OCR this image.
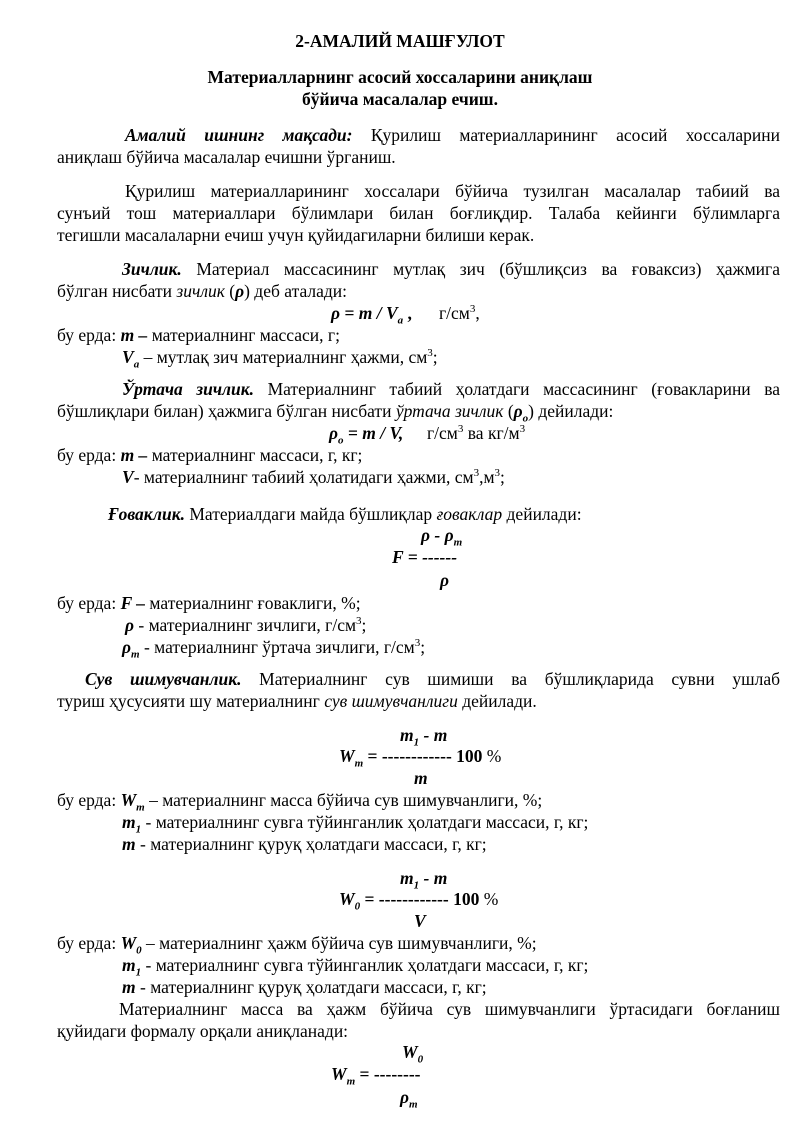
2-АМАЛИЙ МАШҒУЛОТ
Материалларнинг асосий хоссаларини аниқлаш
бўйича масалалар ечиш.
Амалий ишнинг мақсади: Қурилиш материалларининг асосий хоссаларини
аниқлаш бўйича масалалар ечишни ўрганиш.
Қурилиш материалларининг хоссалари бўйича тузилган масалалар табиий ва
сунъий тош материаллари бўлимлари билан боғлиқдир. Талаба кейинги бўлимларга
тегишли масалаларни ечиш учун қуйидагиларни билиши керак.
Зичлик. Материал массасининг мутлақ зич (бўшлиқсиз ва ғоваксиз) ҳажмига
бўлган нисбати зичлик (ρ) деб аталади:
$\rho = m / V_а$ , $г/см^3$,
бу ерда: m – материалнинг массаси, г;
$V_а$ – мутлақ зич материалнинг ҳажми, $см^3$;
Ўртача зичлик. Материалнинг табиий ҳолатдаги массасининг (ғовакларини ва
бўшлиқлари билан) ҳажмига бўлган нисбати ўртача зичлик $(\rho_о)$ дейилади:
$\rho_о = m / V$, $г/см^3$ ва $кг/м^3$
бу ерда: m – материалнинг массаси, г, кг;
V- материалнинг табиий ҳолатидаги ҳажми, $см^3,м^3$;
Ғоваклик. Материалдаги майда бўшлиқлар ғоваклар дейилади:
ρ - $\rho_m$
F = ------
ρ
бу ерда: F – материалнинг ғоваклиги, %;
ρ - материалнинг зичлиги, $г/см^3$;
$\rho_m$ - материалнинг ўртача зичлиги, $г/см^3$;
Сув шимувчанлик. Материалнинг сув шимиши ва бўшлиқларида сувни ушлаб
туриш ҳусусияти шу материалнинг сув шимувчанлиги дейилади.
$m_1$ - m
$W_m$ = ------------ 100 %
m
бу ерда: $W_m$ – материалнинг масса бўйича сув шимувчанлиги, %;
$m_1$ - материалнинг сувга тўйинганлик ҳолатдаги массаси, г, кг;
m - материалнинг қуруқ ҳолатдаги массаси, г, кг;
$m_1$ - m
$W_0$ = ------------ 100 %
V
бу ерда: $W_0$ – материалнинг ҳажм бўйича сув шимувчанлиги, %;
$m_1$ - материалнинг сувга тўйинганлик ҳолатдаги массаси, г, кг;
m - материалнинг қуруқ ҳолатдаги массаси, г, кг;
Материалнинг масса ва ҳажм бўйича сув шимувчанлиги ўртасидаги боғланиш
қуйидаги формалу орқали аниқланади:
$W_0$
$W_m$ = --------
$\rho_m$
